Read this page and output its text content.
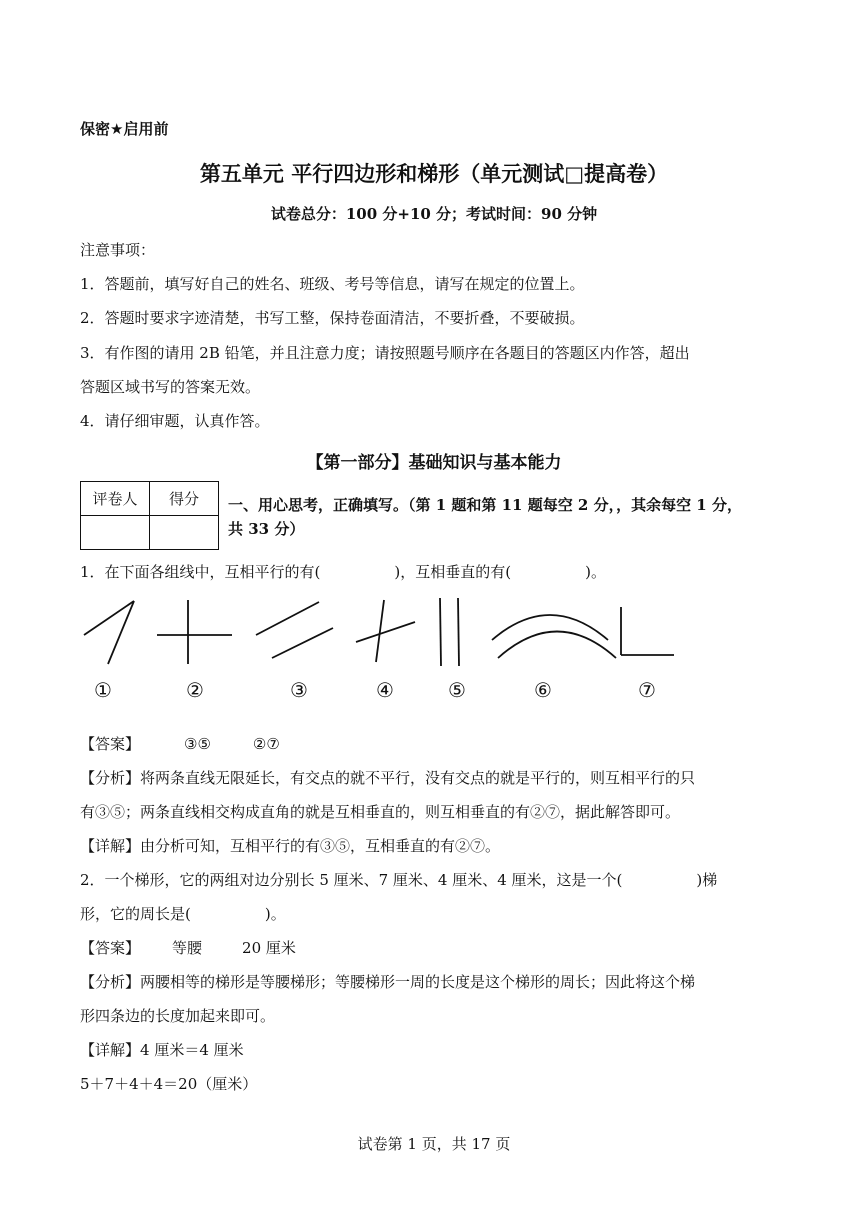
保密★启用前
第五单元 平行四边形和梯形（单元测试□提高卷）
试卷总分：100 分+10 分；考试时间：90 分钟
注意事项：
1．答题前，填写好自己的姓名、班级、考号等信息，请写在规定的位置上。
2．答题时要求字迹清楚，书写工整，保持卷面清洁，不要折叠，不要破损。
3．有作图的请用 2B 铅笔，并且注意力度；请按照题号顺序在各题目的答题区内作答，超出
答题区域书写的答案无效。
4．请仔细审题，认真作答。
【第一部分】基础知识与基本能力
评卷人	得分
	一、用心思考，正确填写。（第 1 题和第 11 题每空 2 分，，其余每空 1 分，
共 33 分）
1．在下面各组线中，互相平行的有(	)，互相垂直的有(	)。
①	②	③	④	⑤	⑥	⑦
【答案】	③⑤	②⑦
【分析】将两条直线无限延长，有交点的就不平行，没有交点的就是平行的，则互相平行的只
有③⑤；两条直线相交构成直角的就是互相垂直的，则互相垂直的有②⑦，据此解答即可。
【详解】由分析可知，互相平行的有③⑤，互相垂直的有②⑦。
2．一个梯形，它的两组对边分别长 5 厘米、7 厘米、4 厘米、4 厘米，这是一个(	)梯
形，它的周长是(	)。
【答案】 等腰	20 厘米
【分析】两腰相等的梯形是等腰梯形；等腰梯形一周的长度是这个梯形的周长；因此将这个梯
形四条边的长度加起来即可。
【详解】4 厘米＝4 厘米
5＋7＋4＋4＝20（厘米）
试卷第 1 页，共 17 页
